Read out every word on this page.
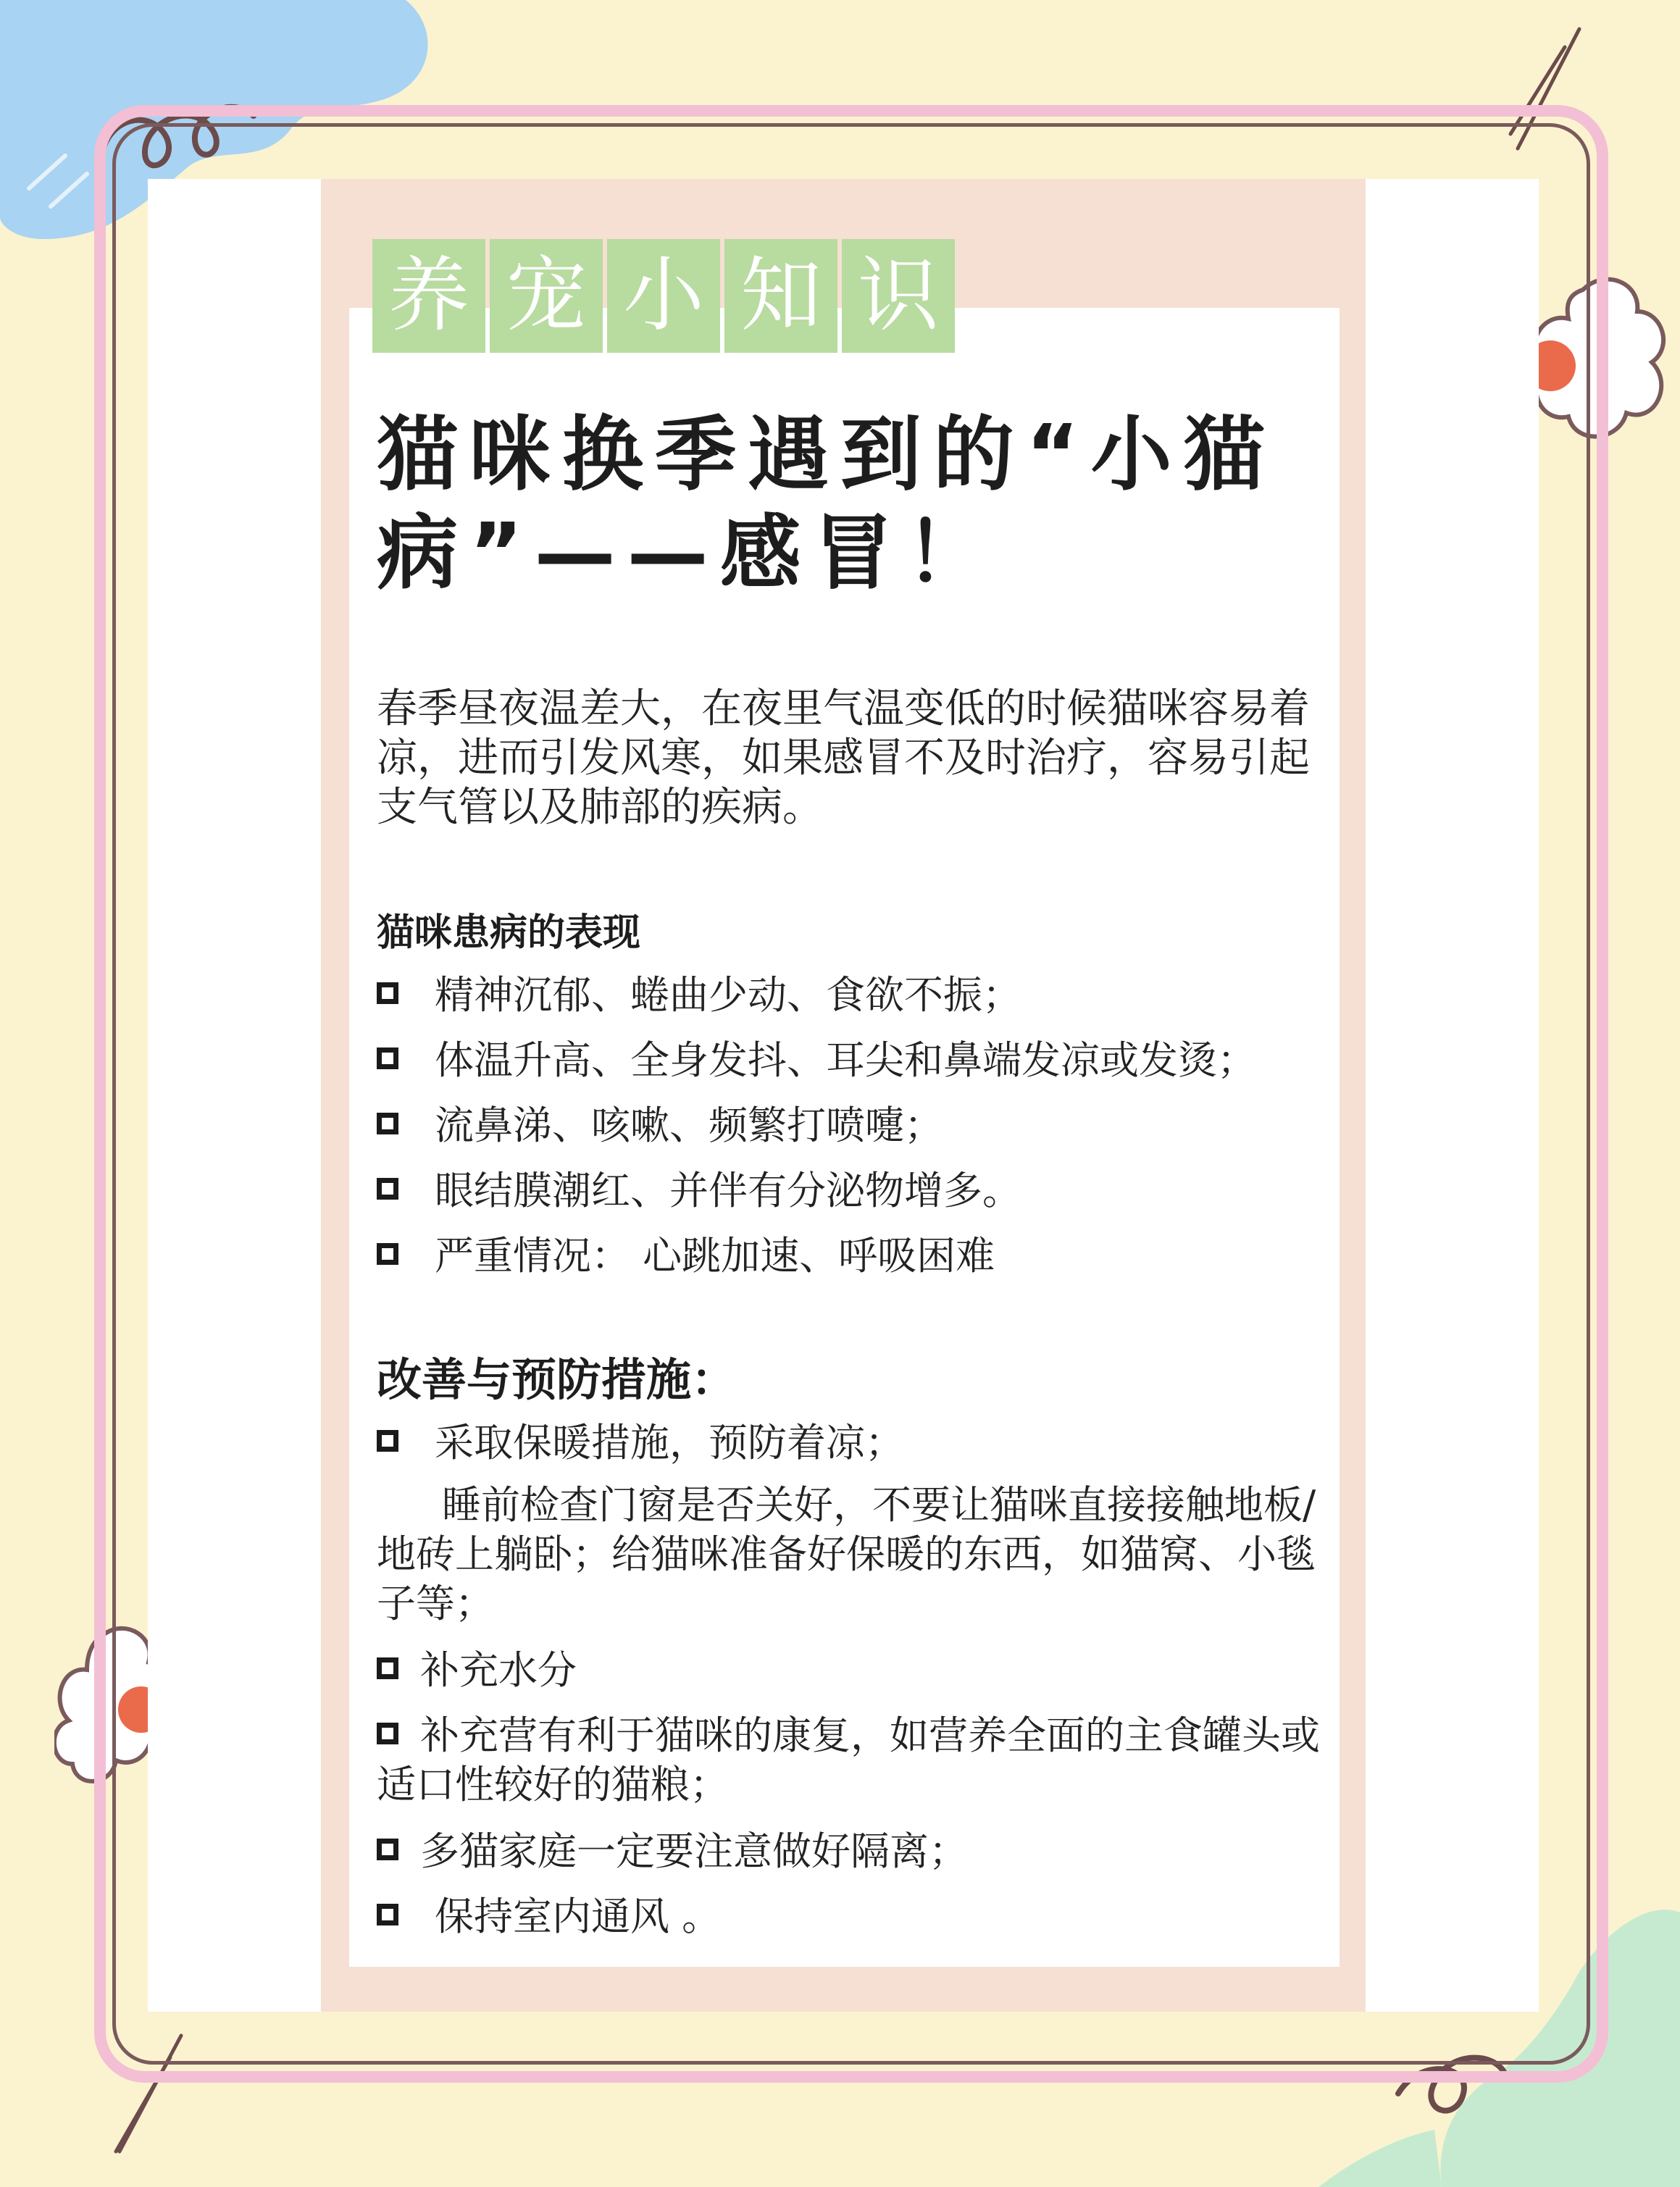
养 宠 小 知 识
猫咪换季遇到的“小猫病”——感冒！

春季昼夜温差大，在夜里气温变低的时候猫咪容易着凉，进而引发风寒，如果感冒不及时治疗，容易引起支气管以及肺部的疾病。

猫咪患病的表现
精神沉郁、蜷曲少动、食欲不振；
体温升高、全身发抖、耳尖和鼻端发凉或发烫；
流鼻涕、咳嗽、频繁打喷嚏；
眼结膜潮红、并伴有分泌物增多。
严重情况： 心跳加速、呼吸困难
改善与预防措施：
采取保暖措施，预防着凉；

睡前检查门窗是否关好，不要让猫咪直接接触地板/地砖上躺卧；给猫咪准备好保暖的东西，如猫窝、小毯子等；

补充水分
补充营有利于猫咪的康复，如营养全面的主食罐头或适口性较好的猫粮；
多猫家庭一定要注意做好隔离；
保持室内通风 。
